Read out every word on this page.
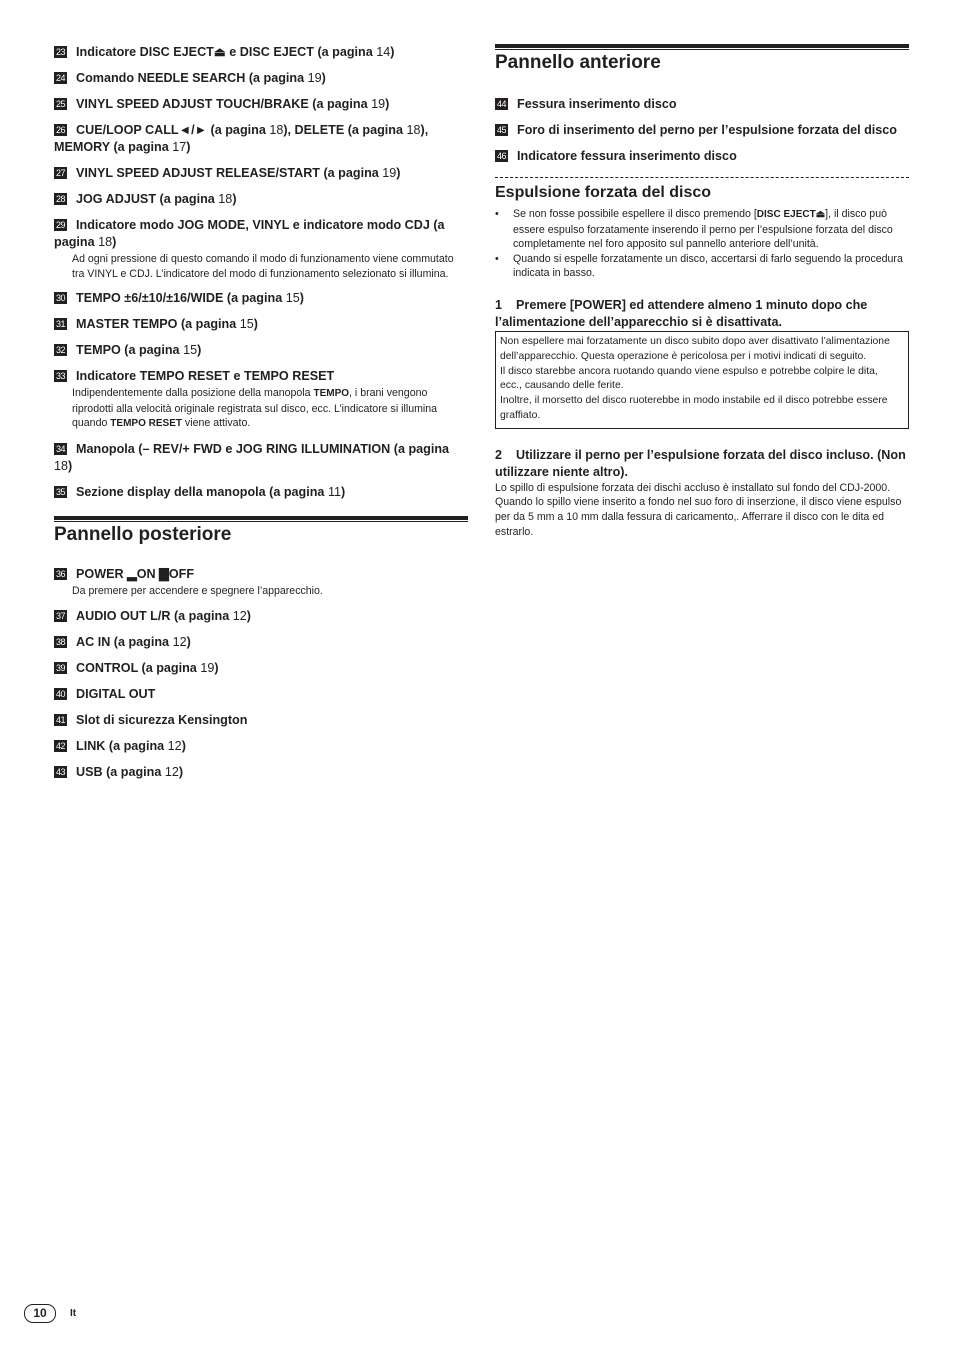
23 Indicatore DISC EJECT⏏ e DISC EJECT (a pagina 14)
24 Comando NEEDLE SEARCH (a pagina 19)
25 VINYL SPEED ADJUST TOUCH/BRAKE (a pagina 19)
26 CUE/LOOP CALL◄/► (a pagina 18), DELETE (a pagina 18), MEMORY (a pagina 17)
27 VINYL SPEED ADJUST RELEASE/START (a pagina 19)
28 JOG ADJUST (a pagina 18)
29 Indicatore modo JOG MODE, VINYL e indicatore modo CDJ (a pagina 18)
Ad ogni pressione di questo comando il modo di funzionamento viene commutato tra VINYL e CDJ. L’indicatore del modo di funzionamento selezionato si illumina.
30 TEMPO ±6/±10/±16/WIDE (a pagina 15)
31 MASTER TEMPO (a pagina 15)
32 TEMPO (a pagina 15)
33 Indicatore TEMPO RESET e TEMPO RESET
Indipendentemente dalla posizione della manopola TEMPO, i brani vengono riprodotti alla velocità originale registrata sul disco, ecc. L’indicatore si illumina quando TEMPO RESET viene attivato.
34 Manopola (– REV/+ FWD e JOG RING ILLUMINATION (a pagina 18)
35 Sezione display della manopola (a pagina 11)
Pannello posteriore
36 POWER ▂ON ▇OFF
Da premere per accendere e spegnere l’apparecchio.
37 AUDIO OUT L/R (a pagina 12)
38 AC IN (a pagina 12)
39 CONTROL (a pagina 19)
40 DIGITAL OUT
41 Slot di sicurezza Kensington
42 LINK (a pagina 12)
43 USB (a pagina 12)
Pannello anteriore
44 Fessura inserimento disco
45 Foro di inserimento del perno per l’espulsione forzata del disco
46 Indicatore fessura inserimento disco
Espulsione forzata del disco
• Se non fosse possibile espellere il disco premendo [DISC EJECT⏏], il disco può essere espulso forzatamente inserendo il perno per l’espulsione forzata del disco completamente nel foro apposito sul pannello anteriore dell’unità.
• Quando si espelle forzatamente un disco, accertarsi di farlo seguendo la procedura indicata in basso.

1 Premere [POWER] ed attendere almeno 1 minuto dopo che l’alimentazione dell’apparecchio si è disattivata.

Non espellere mai forzatamente un disco subito dopo aver disattivato l’alimentazione dell’apparecchio. Questa operazione è pericolosa per i motivi indicati di seguito.

Il disco starebbe ancora ruotando quando viene espulso e potrebbe colpire le dita, ecc., causando delle ferite.

Inoltre, il morsetto del disco ruoterebbe in modo instabile ed il disco potrebbe essere graffiato.

2 Utilizzare il perno per l’espulsione forzata del disco incluso. (Non utilizzare niente altro).

Lo spillo di espulsione forzata dei dischi accluso è installato sul fondo del CDJ-2000. Quando lo spillo viene inserito a fondo nel suo foro di inserzione, il disco viene espulso per da 5 mm a 10 mm dalla fessura di caricamento,. Afferrare il disco con le dita ed estrarlo.

10	It
